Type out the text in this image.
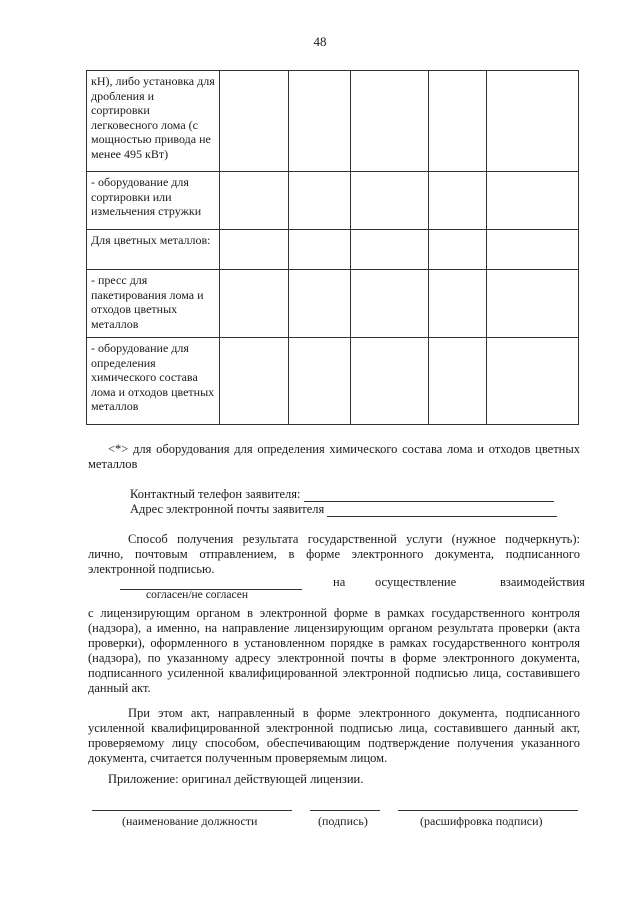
48
кН), либо установка для дробления и сортировки легковесного лома (с мощностью привода не менее 495 кВт)					
- оборудование для сортировки или измельчения стружки					
Для цветных металлов:					
- пресс для пакетирования лома и отходов цветных металлов					
- оборудование для определения химического состава лома и отходов цветных металлов					
<*> для оборудования для определения химического состава лома и отходов цветных металлов
Контактный телефон заявителя:
Адрес электронной почты заявителя
Способ получения результата государственной услуги (нужное подчеркнуть): лично, почтовым отправлением, в форме электронного документа, подписанного электронной подписью.
на осуществление	взаимодействия
согласен/не согласен
с лицензирующим органом в электронной форме в рамках государственного контроля (надзора), а именно, на направление лицензирующим органом результата проверки (акта проверки), оформленного в установленном порядке в рамках государственного контроля (надзора), по указанному адресу электронной почты в форме электронного документа, подписанного усиленной квалифицированной электронной подписью лица, составившего данный акт.
При этом акт, направленный в форме электронного документа, подписанного усиленной квалифицированной электронной подписью лица, составившего данный акт, проверяемому лицу способом, обеспечивающим подтверждение получения указанного документа, считается полученным проверяемым лицом.
Приложение: оригинал действующей лицензии.
(наименование должности	(подпись)	(расшифровка подписи)
